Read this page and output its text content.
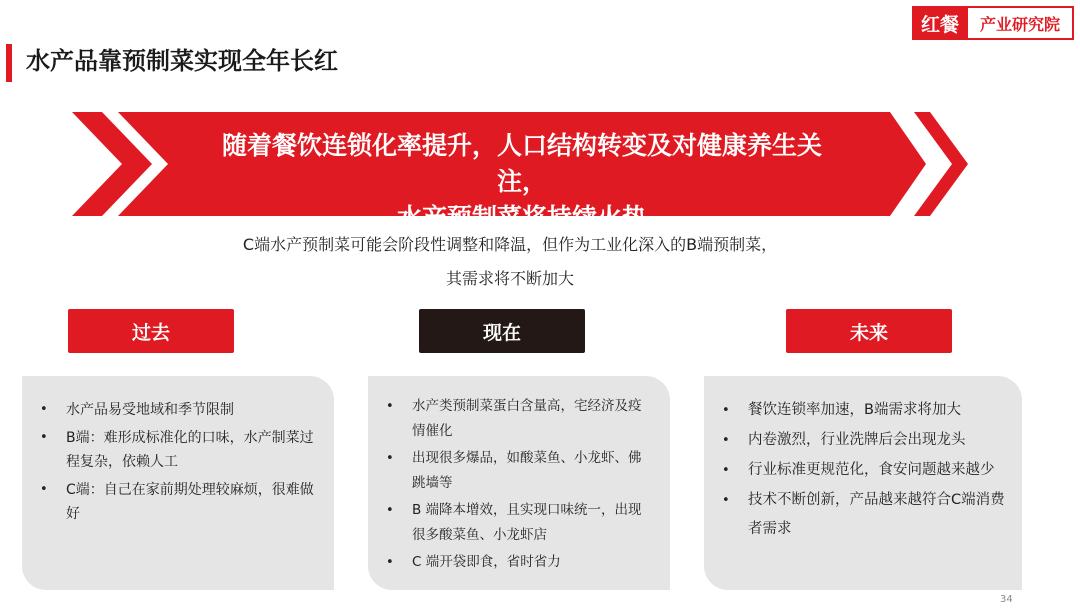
红餐	产业研究院
水产品靠预制菜实现全年长红
随着餐饮连锁化率提升，人口结构转变及对健康养生关注，
水产预制菜将持续火热
C端水产预制菜可能会阶段性调整和降温，但作为工业化深入的B端预制菜，
其需求将不断加大
过去	现在	未来
• 水产品易受地域和季节限制
• B端：难形成标准化的口味，水产制菜过程复杂，依赖人工
• C端：自己在家前期处理较麻烦，很难做好
• 水产类预制菜蛋白含量高，宅经济及疫情催化
• 出现很多爆品，如酸菜鱼、小龙虾、佛跳墙等
• B 端降本增效，且实现口味统一，出现很多酸菜鱼、小龙虾店
• C 端开袋即食，省时省力
• 餐饮连锁率加速，B端需求将加大
• 内卷激烈，行业洗牌后会出现龙头
• 行业标准更规范化，食安问题越来越少
• 技术不断创新，产品越来越符合C端消费者需求
34
